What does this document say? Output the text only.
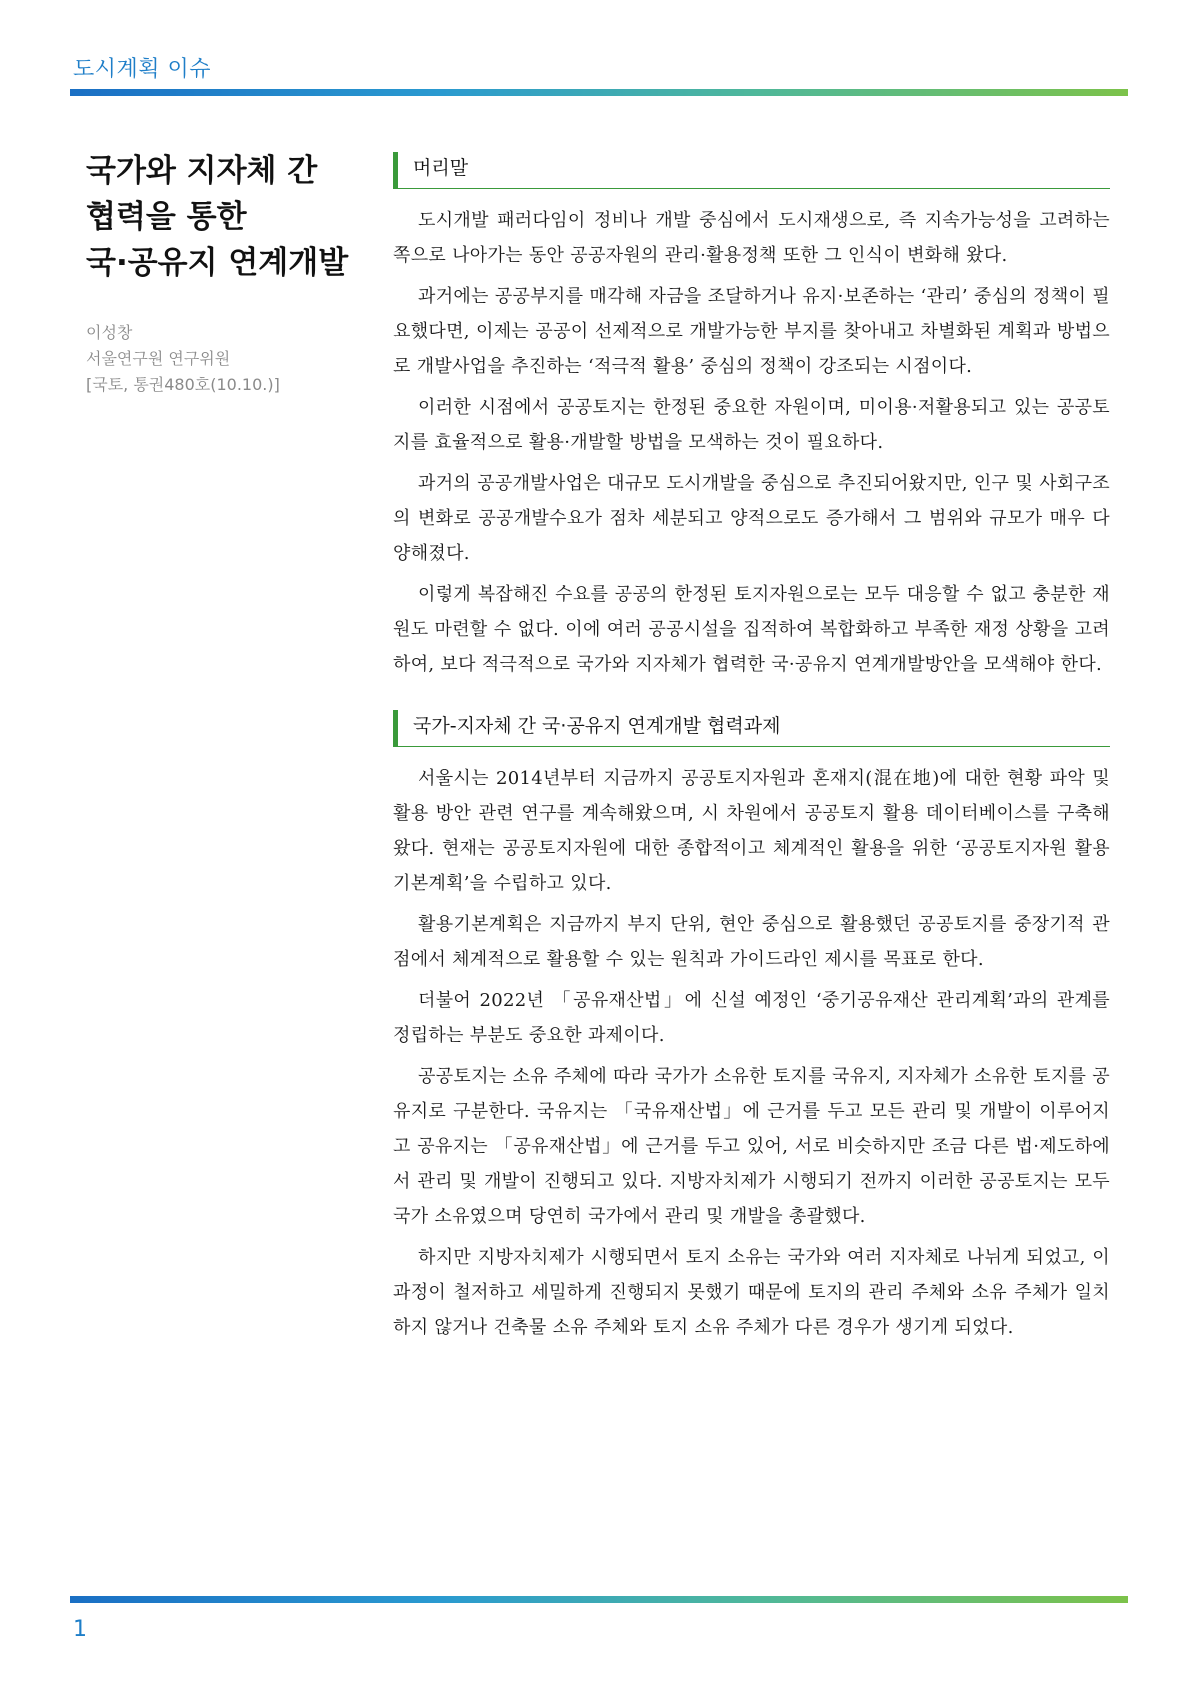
도시계획 이슈
국가와 지자체 간
협력을 통한
국·공유지 연계개발
이성창
서울연구원 연구위원
[국토, 통권480호(10.10.)]
머리말

도시개발 패러다임이 정비나 개발 중심에서 도시재생으로, 즉 지속가능성을 고려하는 쪽으로 나아가는 동안 공공자원의 관리·활용정책 또한 그 인식이 변화해 왔다.

과거에는 공공부지를 매각해 자금을 조달하거나 유지·보존하는 ‘관리’ 중심의 정책이 필요했다면, 이제는 공공이 선제적으로 개발가능한 부지를 찾아내고 차별화된 계획과 방법으로 개발사업을 추진하는 ‘적극적 활용’ 중심의 정책이 강조되는 시점이다.

이러한 시점에서 공공토지는 한정된 중요한 자원이며, 미이용·저활용되고 있는 공공토지를 효율적으로 활용·개발할 방법을 모색하는 것이 필요하다.

과거의 공공개발사업은 대규모 도시개발을 중심으로 추진되어왔지만, 인구 및 사회구조의 변화로 공공개발수요가 점차 세분되고 양적으로도 증가해서 그 범위와 규모가 매우 다양해졌다.

이렇게 복잡해진 수요를 공공의 한정된 토지자원으로는 모두 대응할 수 없고 충분한 재원도 마련할 수 없다. 이에 여러 공공시설을 집적하여 복합화하고 부족한 재정 상황을 고려하여, 보다 적극적으로 국가와 지자체가 협력한 국·공유지 연계개발방안을 모색해야 한다.

국가-지자체 간 국·공유지 연계개발 협력과제

서울시는 2014년부터 지금까지 공공토지자원과 혼재지(混在地)에 대한 현황 파악 및 활용 방안 관련 연구를 계속해왔으며, 시 차원에서 공공토지 활용 데이터베이스를 구축해왔다. 현재는 공공토지자원에 대한 종합적이고 체계적인 활용을 위한 ‘공공토지자원 활용 기본계획’을 수립하고 있다.

활용기본계획은 지금까지 부지 단위, 현안 중심으로 활용했던 공공토지를 중장기적 관점에서 체계적으로 활용할 수 있는 원칙과 가이드라인 제시를 목표로 한다.

더불어 2022년 「공유재산법」에 신설 예정인 ‘중기공유재산 관리계획’과의 관계를 정립하는 부분도 중요한 과제이다.

공공토지는 소유 주체에 따라 국가가 소유한 토지를 국유지, 지자체가 소유한 토지를 공유지로 구분한다. 국유지는 「국유재산법」에 근거를 두고 모든 관리 및 개발이 이루어지고 공유지는 「공유재산법」에 근거를 두고 있어, 서로 비슷하지만 조금 다른 법·제도하에서 관리 및 개발이 진행되고 있다. 지방자치제가 시행되기 전까지 이러한 공공토지는 모두 국가 소유였으며 당연히 국가에서 관리 및 개발을 총괄했다.

하지만 지방자치제가 시행되면서 토지 소유는 국가와 여러 지자체로 나뉘게 되었고, 이 과정이 철저하고 세밀하게 진행되지 못했기 때문에 토지의 관리 주체와 소유 주체가 일치하지 않거나 건축물 소유 주체와 토지 소유 주체가 다른 경우가 생기게 되었다.

1
